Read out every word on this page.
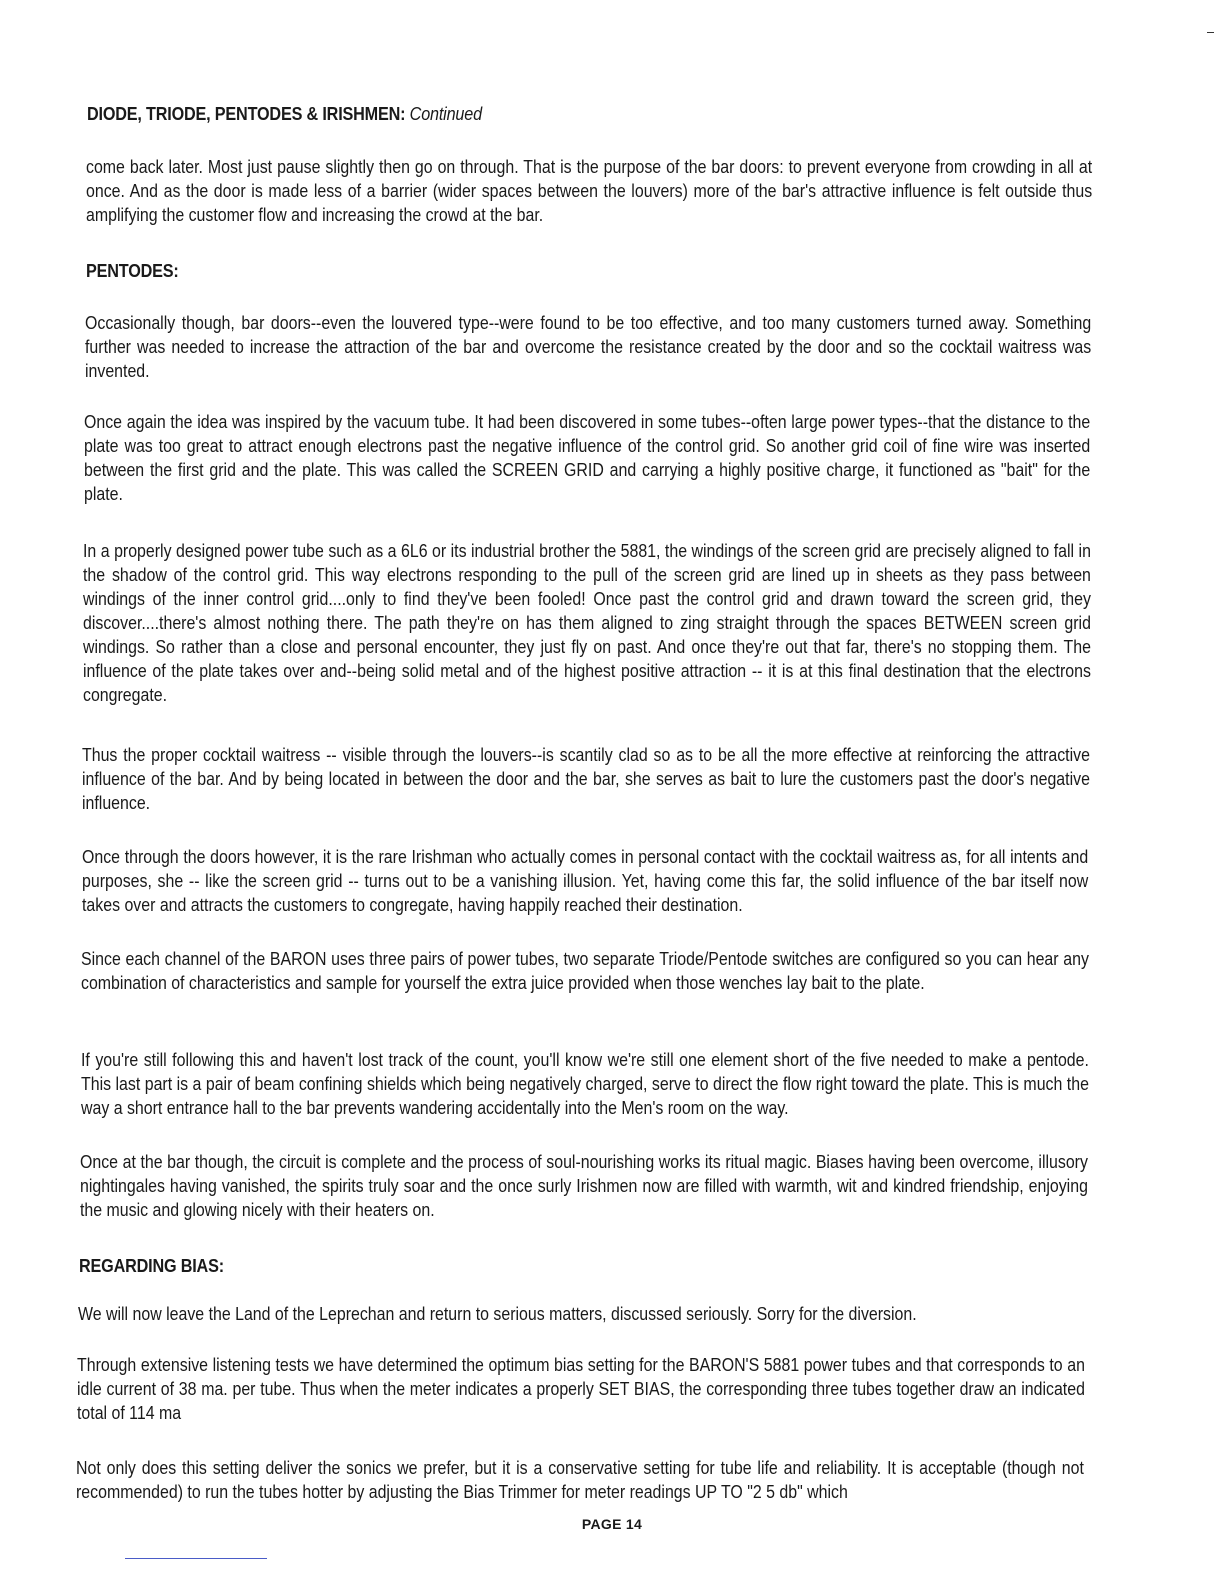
DIODE, TRIODE, PENTODES & IRISHMEN: Continued
come back later. Most just pause slightly then go on through. That is the purpose of the bar doors: to prevent everyone from crowding in all at once. And as the door is made less of a barrier (wider spaces between the louvers) more of the bar's attractive influence is felt outside thus amplifying the customer flow and increasing the crowd at the bar.
PENTODES:
Occasionally though, bar doors--even the louvered type--were found to be too effective, and too many customers turned away. Something further was needed to increase the attraction of the bar and overcome the resistance created by the door and so the cocktail waitress was invented.
Once again the idea was inspired by the vacuum tube. It had been discovered in some tubes--often large power types--that the distance to the plate was too great to attract enough electrons past the negative influence of the control grid. So another grid coil of fine wire was inserted between the first grid and the plate. This was called the SCREEN GRID and carrying a highly positive charge, it functioned as "bait" for the plate.
In a properly designed power tube such as a 6L6 or its industrial brother the 5881, the windings of the screen grid are precisely aligned to fall in the shadow of the control grid. This way electrons responding to the pull of the screen grid are lined up in sheets as they pass between windings of the inner control grid....only to find they've been fooled! Once past the control grid and drawn toward the screen grid, they discover....there's almost nothing there. The path they're on has them aligned to zing straight through the spaces BETWEEN screen grid windings. So rather than a close and personal encounter, they just fly on past. And once they're out that far, there's no stopping them. The influence of the plate takes over and--being solid metal and of the highest positive attraction -- it is at this final destination that the electrons congregate.
Thus the proper cocktail waitress -- visible through the louvers--is scantily clad so as to be all the more effective at reinforcing the attractive influence of the bar. And by being located in between the door and the bar, she serves as bait to lure the customers past the door's negative influence.
Once through the doors however, it is the rare Irishman who actually comes in personal contact with the cocktail waitress as, for all intents and purposes, she -- like the screen grid -- turns out to be a vanishing illusion. Yet, having come this far, the solid influence of the bar itself now takes over and attracts the customers to congregate, having happily reached their destination.
Since each channel of the BARON uses three pairs of power tubes, two separate Triode/Pentode switches are configured so you can hear any combination of characteristics and sample for yourself the extra juice provided when those wenches lay bait to the plate.
If you're still following this and haven't lost track of the count, you'll know we're still one element short of the five needed to make a pentode. This last part is a pair of beam confining shields which being negatively charged, serve to direct the flow right toward the plate. This is much the way a short entrance hall to the bar prevents wandering accidentally into the Men's room on the way.
Once at the bar though, the circuit is complete and the process of soul-nourishing works its ritual magic. Biases having been overcome, illusory nightingales having vanished, the spirits truly soar and the once surly Irishmen now are filled with warmth, wit and kindred friendship, enjoying the music and glowing nicely with their heaters on.
REGARDING BIAS:
We will now leave the Land of the Leprechan and return to serious matters, discussed seriously. Sorry for the diversion.
Through extensive listening tests we have determined the optimum bias setting for the BARON'S 5881 power tubes and that corresponds to an idle current of 38 ma. per tube. Thus when the meter indicates a properly SET BIAS, the corresponding three tubes together draw an indicated total of 114 ma
Not only does this setting deliver the sonics we prefer, but it is a conservative setting for tube life and reliability. It is acceptable (though not recommended) to run the tubes hotter by adjusting the Bias Trimmer for meter readings UP TO "2 5 db" which
PAGE 14
